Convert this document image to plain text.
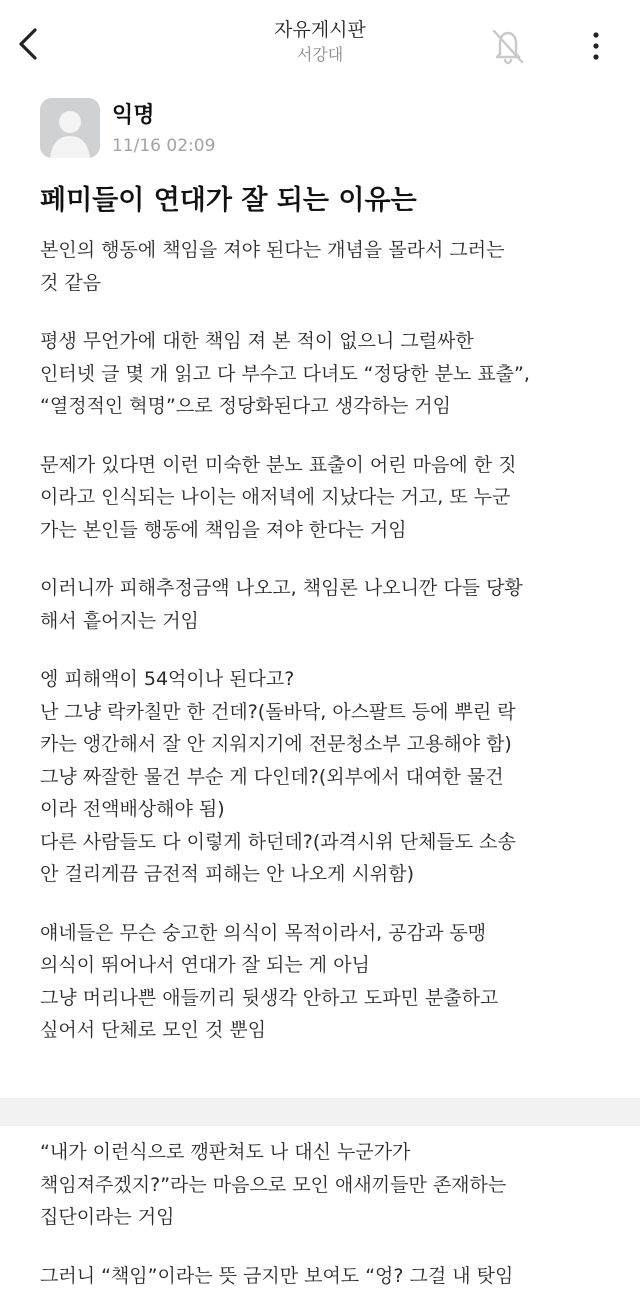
자유게시판
서강대
익명
11/16 02:09
페미들이 연대가 잘 되는 이유는
본인의 행동에 책임을 져야 된다는 개념을 몰라서 그러는
것 같음
평생 무언가에 대한 책임 져 본 적이 없으니 그럴싸한
인터넷 글 몇 개 읽고 다 부수고 다녀도 “정당한 분노 표출”,
“열정적인 혁명”으로 정당화된다고 생각하는 거임
문제가 있다면 이런 미숙한 분노 표출이 어린 마음에 한 짓
이라고 인식되는 나이는 애저녁에 지났다는 거고, 또 누군
가는 본인들 행동에 책임을 져야 한다는 거임
이러니까 피해추정금액 나오고, 책임론 나오니깐 다들 당황
해서 흩어지는 거임
엥 피해액이 54억이나 된다고?
난 그냥 락카칠만 한 건데?(돌바닥, 아스팔트 등에 뿌린 락
카는 앵간해서 잘 안 지워지기에 전문청소부 고용해야 함)
그냥 짜잘한 물건 부순 게 다인데?(외부에서 대여한 물건
이라 전액배상해야 됨)
다른 사람들도 다 이렇게 하던데?(과격시위 단체들도 소송
안 걸리게끔 금전적 피해는 안 나오게 시위함)
얘네들은 무슨 숭고한 의식이 목적이라서, 공감과 동맹
의식이 뛰어나서 연대가 잘 되는 게 아님
그냥 머리나쁜 애들끼리 뒷생각 안하고 도파민 분출하고
싶어서 단체로 모인 것 뿐임
“내가 이런식으로 깽판쳐도 나 대신 누군가가
책임져주겠지?”라는 마음으로 모인 애새끼들만 존재하는
집단이라는 거임
그러니 “책임”이라는 뜻 금지만 보여도 “엉? 그걸 내 탓임
